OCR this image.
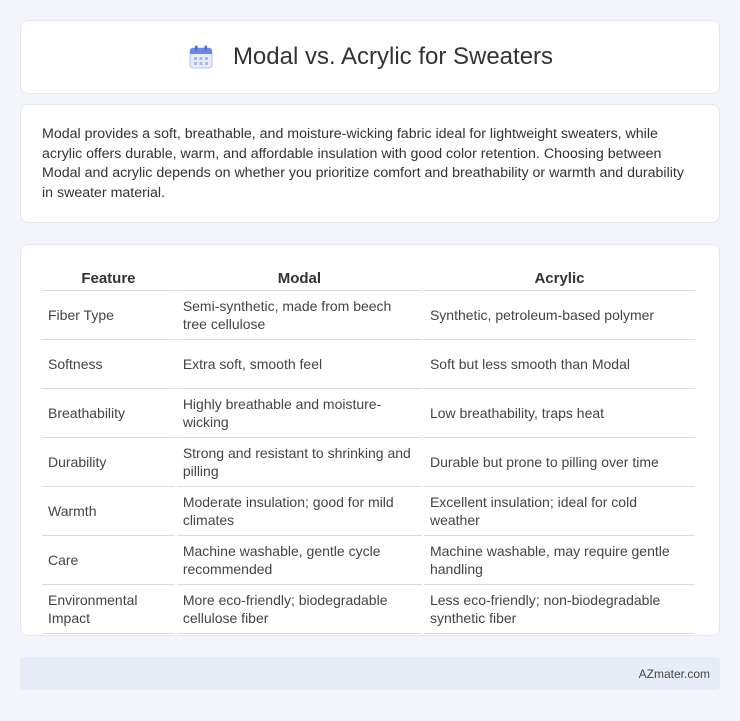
Modal vs. Acrylic for Sweaters

Modal provides a soft, breathable, and moisture-wicking fabric ideal for lightweight sweaters, while acrylic offers durable, warm, and affordable insulation with good color retention. Choosing between Modal and acrylic depends on whether you prioritize comfort and breathability or warmth and durability in sweater material.

Feature	Modal	Acrylic
Fiber Type	Semi-synthetic, made from beech tree cellulose	Synthetic, petroleum-based polymer
Softness	Extra soft, smooth feel	Soft but less smooth than Modal
Breathability	Highly breathable and moisture-wicking	Low breathability, traps heat
Durability	Strong and resistant to shrinking and pilling	Durable but prone to pilling over time
Warmth	Moderate insulation; good for mild climates	Excellent insulation; ideal for cold weather
Care	Machine washable, gentle cycle recommended	Machine washable, may require gentle handling
Environmental Impact	More eco-friendly; biodegradable cellulose fiber	Less eco-friendly; non-biodegradable synthetic fiber
AZmater.com
